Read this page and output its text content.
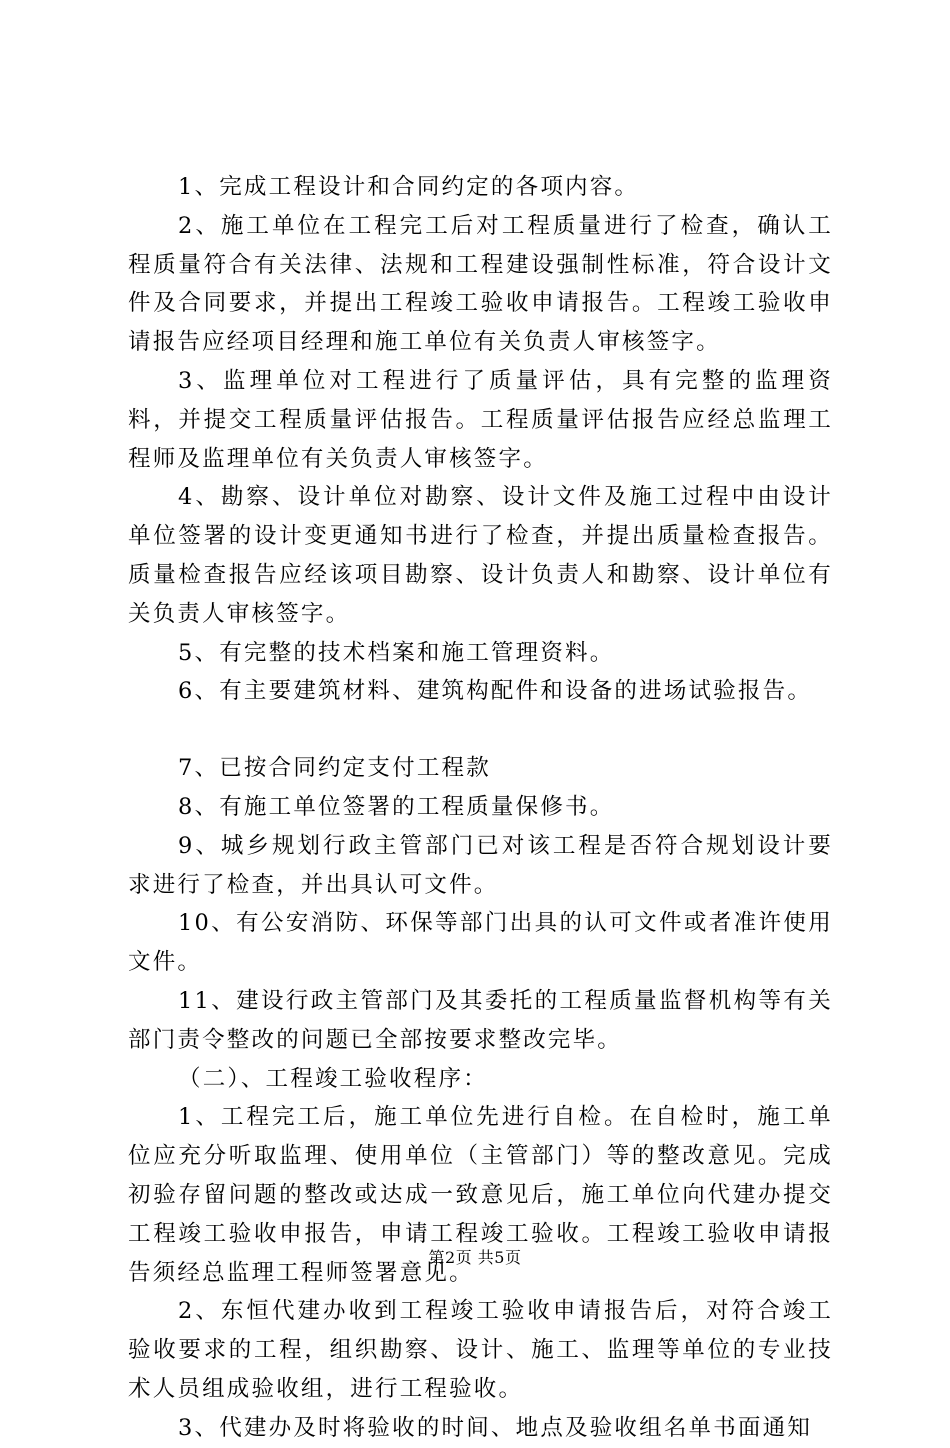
1、完成工程设计和合同约定的各项内容。

2、施工单位在工程完工后对工程质量进行了检查，确认工程质量符合有关法律、法规和工程建设强制性标准，符合设计文件及合同要求，并提出工程竣工验收申请报告。工程竣工验收申请报告应经项目经理和施工单位有关负责人审核签字。

3、监理单位对工程进行了质量评估，具有完整的监理资料，并提交工程质量评估报告。工程质量评估报告应经总监理工程师及监理单位有关负责人审核签字。

4、勘察、设计单位对勘察、设计文件及施工过程中由设计单位签署的设计变更通知书进行了检查，并提出质量检查报告。质量检查报告应经该项目勘察、设计负责人和勘察、设计单位有关负责人审核签字。

5、有完整的技术档案和施工管理资料。

6、有主要建筑材料、建筑构配件和设备的进场试验报告。

7、已按合同约定支付工程款

8、有施工单位签署的工程质量保修书。

9、城乡规划行政主管部门已对该工程是否符合规划设计要求进行了检查，并出具认可文件。

10、有公安消防、环保等部门出具的认可文件或者准许使用文件。

11、建设行政主管部门及其委托的工程质量监督机构等有关部门责令整改的问题已全部按要求整改完毕。

（二）、工程竣工验收程序：

1、工程完工后，施工单位先进行自检。在自检时，施工单位应充分听取监理、使用单位（主管部门）等的整改意见。完成初验存留问题的整改或达成一致意见后，施工单位向代建办提交工程竣工验收申报告，申请工程竣工验收。工程竣工验收申请报告须经总监理工程师签署意见。

2、东恒代建办收到工程竣工验收申请报告后，对符合竣工验收要求的工程，组织勘察、设计、施工、监理等单位的专业技术人员组成验收组，进行工程验收。

3、代建办及时将验收的时间、地点及验收组名单书面通知

第2页 共5页
